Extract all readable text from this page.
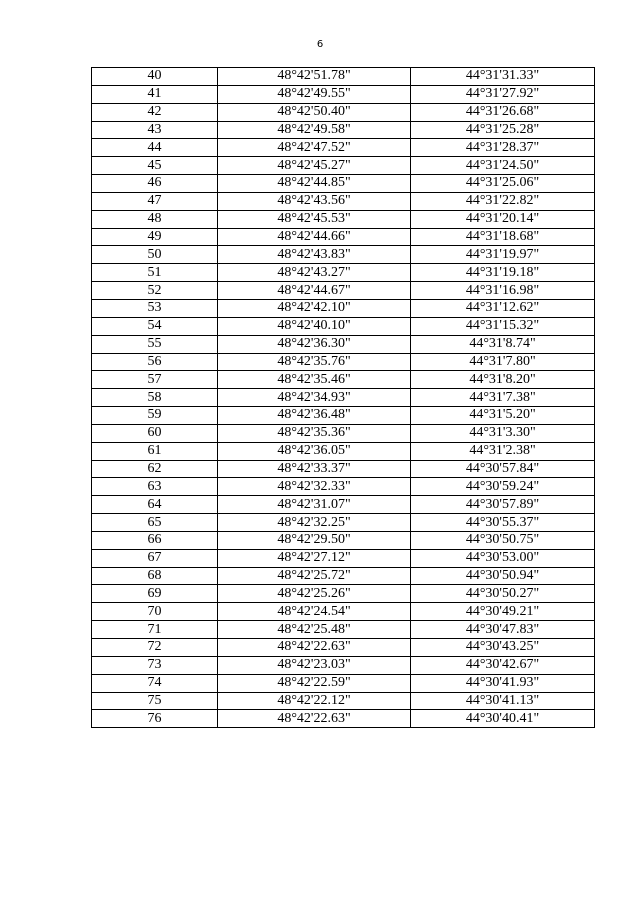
6
40	48°42'51.78"	44°31'31.33"
41	48°42'49.55"	44°31'27.92"
42	48°42'50.40"	44°31'26.68"
43	48°42'49.58"	44°31'25.28"
44	48°42'47.52"	44°31'28.37"
45	48°42'45.27"	44°31'24.50"
46	48°42'44.85"	44°31'25.06"
47	48°42'43.56"	44°31'22.82"
48	48°42'45.53"	44°31'20.14"
49	48°42'44.66"	44°31'18.68"
50	48°42'43.83"	44°31'19.97"
51	48°42'43.27"	44°31'19.18"
52	48°42'44.67"	44°31'16.98"
53	48°42'42.10"	44°31'12.62"
54	48°42'40.10"	44°31'15.32"
55	48°42'36.30"	44°31'8.74"
56	48°42'35.76"	44°31'7.80"
57	48°42'35.46"	44°31'8.20"
58	48°42'34.93"	44°31'7.38"
59	48°42'36.48"	44°31'5.20"
60	48°42'35.36"	44°31'3.30"
61	48°42'36.05"	44°31'2.38"
62	48°42'33.37"	44°30'57.84"
63	48°42'32.33"	44°30'59.24"
64	48°42'31.07"	44°30'57.89"
65	48°42'32.25"	44°30'55.37"
66	48°42'29.50"	44°30'50.75"
67	48°42'27.12"	44°30'53.00"
68	48°42'25.72"	44°30'50.94"
69	48°42'25.26"	44°30'50.27"
70	48°42'24.54"	44°30'49.21"
71	48°42'25.48"	44°30'47.83"
72	48°42'22.63"	44°30'43.25"
73	48°42'23.03"	44°30'42.67"
74	48°42'22.59"	44°30'41.93"
75	48°42'22.12"	44°30'41.13"
76	48°42'22.63"	44°30'40.41"
